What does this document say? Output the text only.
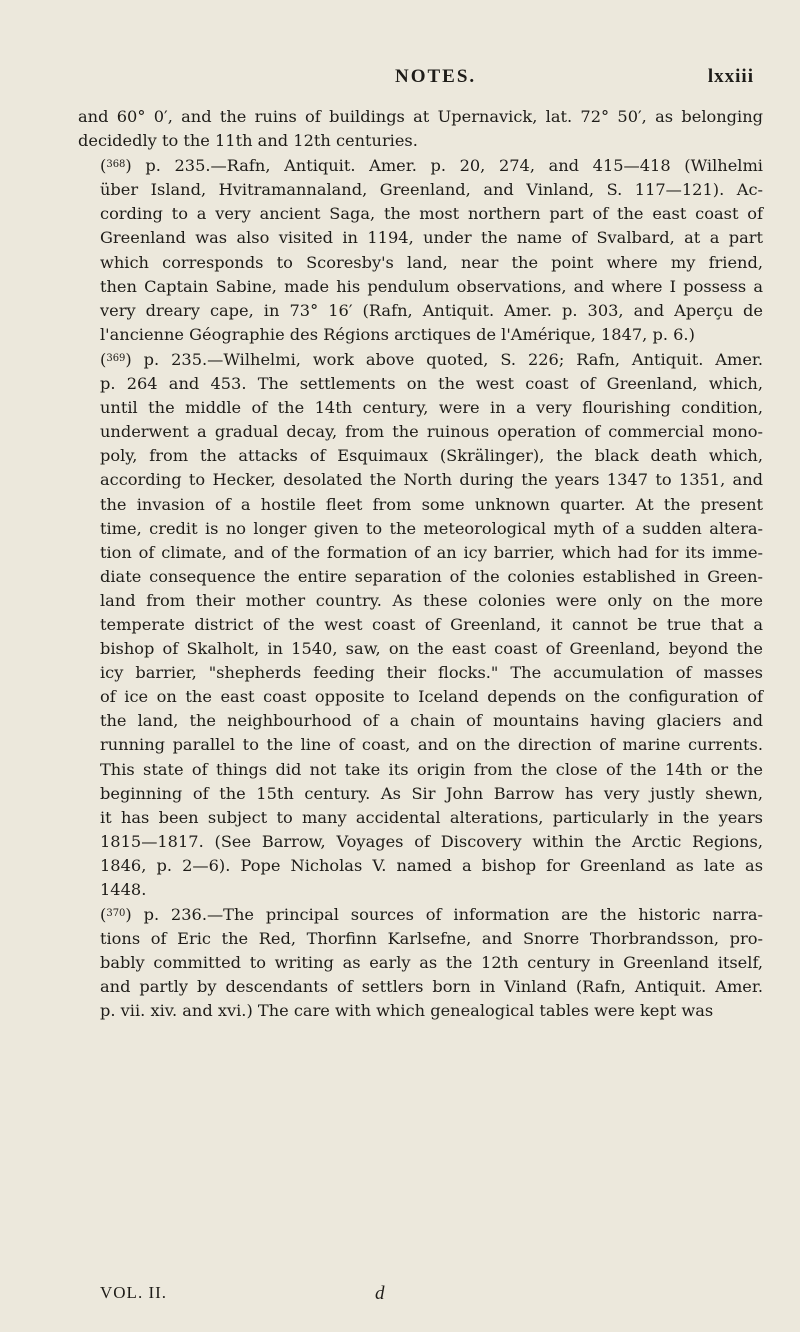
NOTES.	lxxiii

and 60° 0′, and the ruins of buildings at Upernavick, lat. 72° 50′, as belonging
decidedly to the 11th and 12th centuries.

($^{368}$) p. 235.—Rafn, Antiquit. Amer. p. 20, 274, and 415—418 (Wilhelmi
über Island, Hvitramannaland, Greenland, and Vinland, S. 117—121). Ac-
cording to a very ancient Saga, the most northern part of the east coast of
Greenland was also visited in 1194, under the name of Svalbard, at a part
which corresponds to Scoresby's land, near the point where my friend,
then Captain Sabine, made his pendulum observations, and where I possess a
very dreary cape, in 73° 16′ (Rafn, Antiquit. Amer. p. 303, and Aperçu de
l'ancienne Géographie des Régions arctiques de l'Amérique, 1847, p. 6.)

($^{369}$) p. 235.—Wilhelmi, work above quoted, S. 226; Rafn, Antiquit. Amer.
p. 264 and 453. The settlements on the west coast of Greenland, which,
until the middle of the 14th century, were in a very flourishing condition,
underwent a gradual decay, from the ruinous operation of commercial mono-
poly, from the attacks of Esquimaux (Skrälinger), the black death which,
according to Hecker, desolated the North during the years 1347 to 1351, and
the invasion of a hostile fleet from some unknown quarter. At the present
time, credit is no longer given to the meteorological myth of a sudden altera-
tion of climate, and of the formation of an icy barrier, which had for its imme-
diate consequence the entire separation of the colonies established in Green-
land from their mother country. As these colonies were only on the more
temperate district of the west coast of Greenland, it cannot be true that a
bishop of Skalholt, in 1540, saw, on the east coast of Greenland, beyond the
icy barrier, "shepherds feeding their flocks." The accumulation of masses
of ice on the east coast opposite to Iceland depends on the configuration of
the land, the neighbourhood of a chain of mountains having glaciers and
running parallel to the line of coast, and on the direction of marine currents.
This state of things did not take its origin from the close of the 14th or the
beginning of the 15th century. As Sir John Barrow has very justly shewn,
it has been subject to many accidental alterations, particularly in the years
1815—1817. (See Barrow, Voyages of Discovery within the Arctic Regions,
1846, p. 2—6). Pope Nicholas V. named a bishop for Greenland as late as
1448.

($^{370}$) p. 236.—The principal sources of information are the historic narra-
tions of Eric the Red, Thorfinn Karlsefne, and Snorre Thorbrandsson, pro-
bably committed to writing as early as the 12th century in Greenland itself,
and partly by descendants of settlers born in Vinland (Rafn, Antiquit. Amer.
p. vii. xiv. and xvi.) The care with which genealogical tables were kept was

VOL. II.	d
